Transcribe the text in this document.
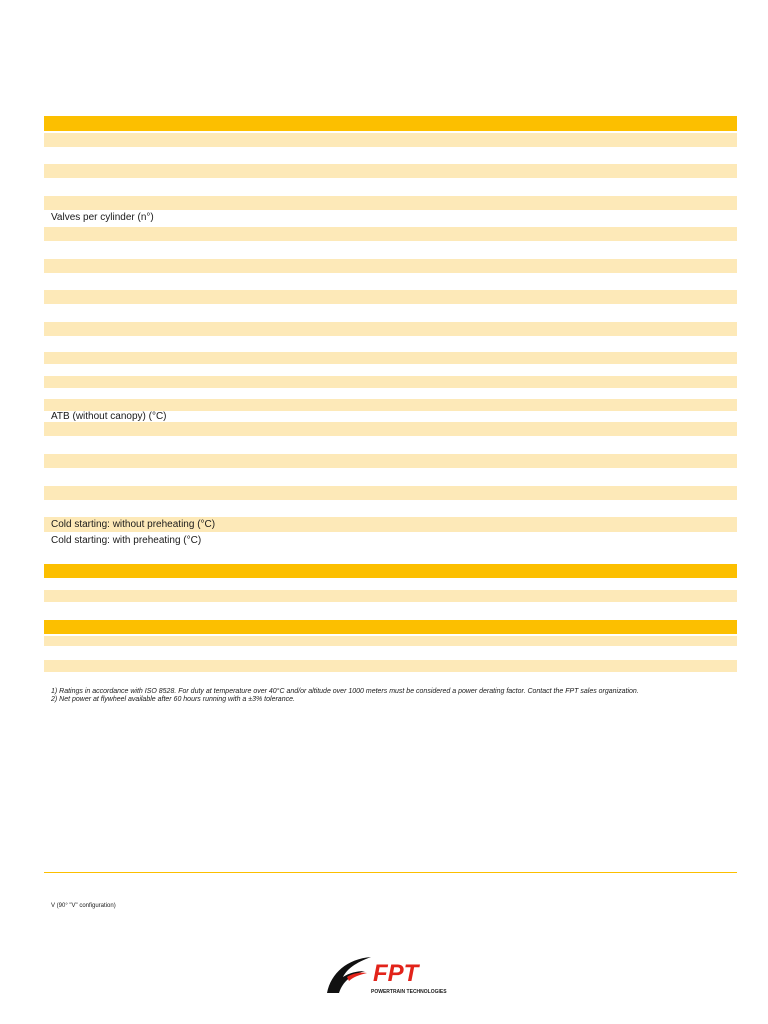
Valves per cylinder (n°)
ATB (without canopy) (°C)
Cold starting: without preheating (°C)
Cold starting: with preheating (°C)
1) Ratings in accordance with ISO 8528. For duty at temperature over 40°C and/or altitude over 1000 meters must be considered a power derating factor. Contact the FPT sales organization.
2) Net power at flywheel available after 60 hours running with a ±3% tolerance.
V (90° "V" configuration)
FPT
POWERTRAIN TECHNOLOGIES
